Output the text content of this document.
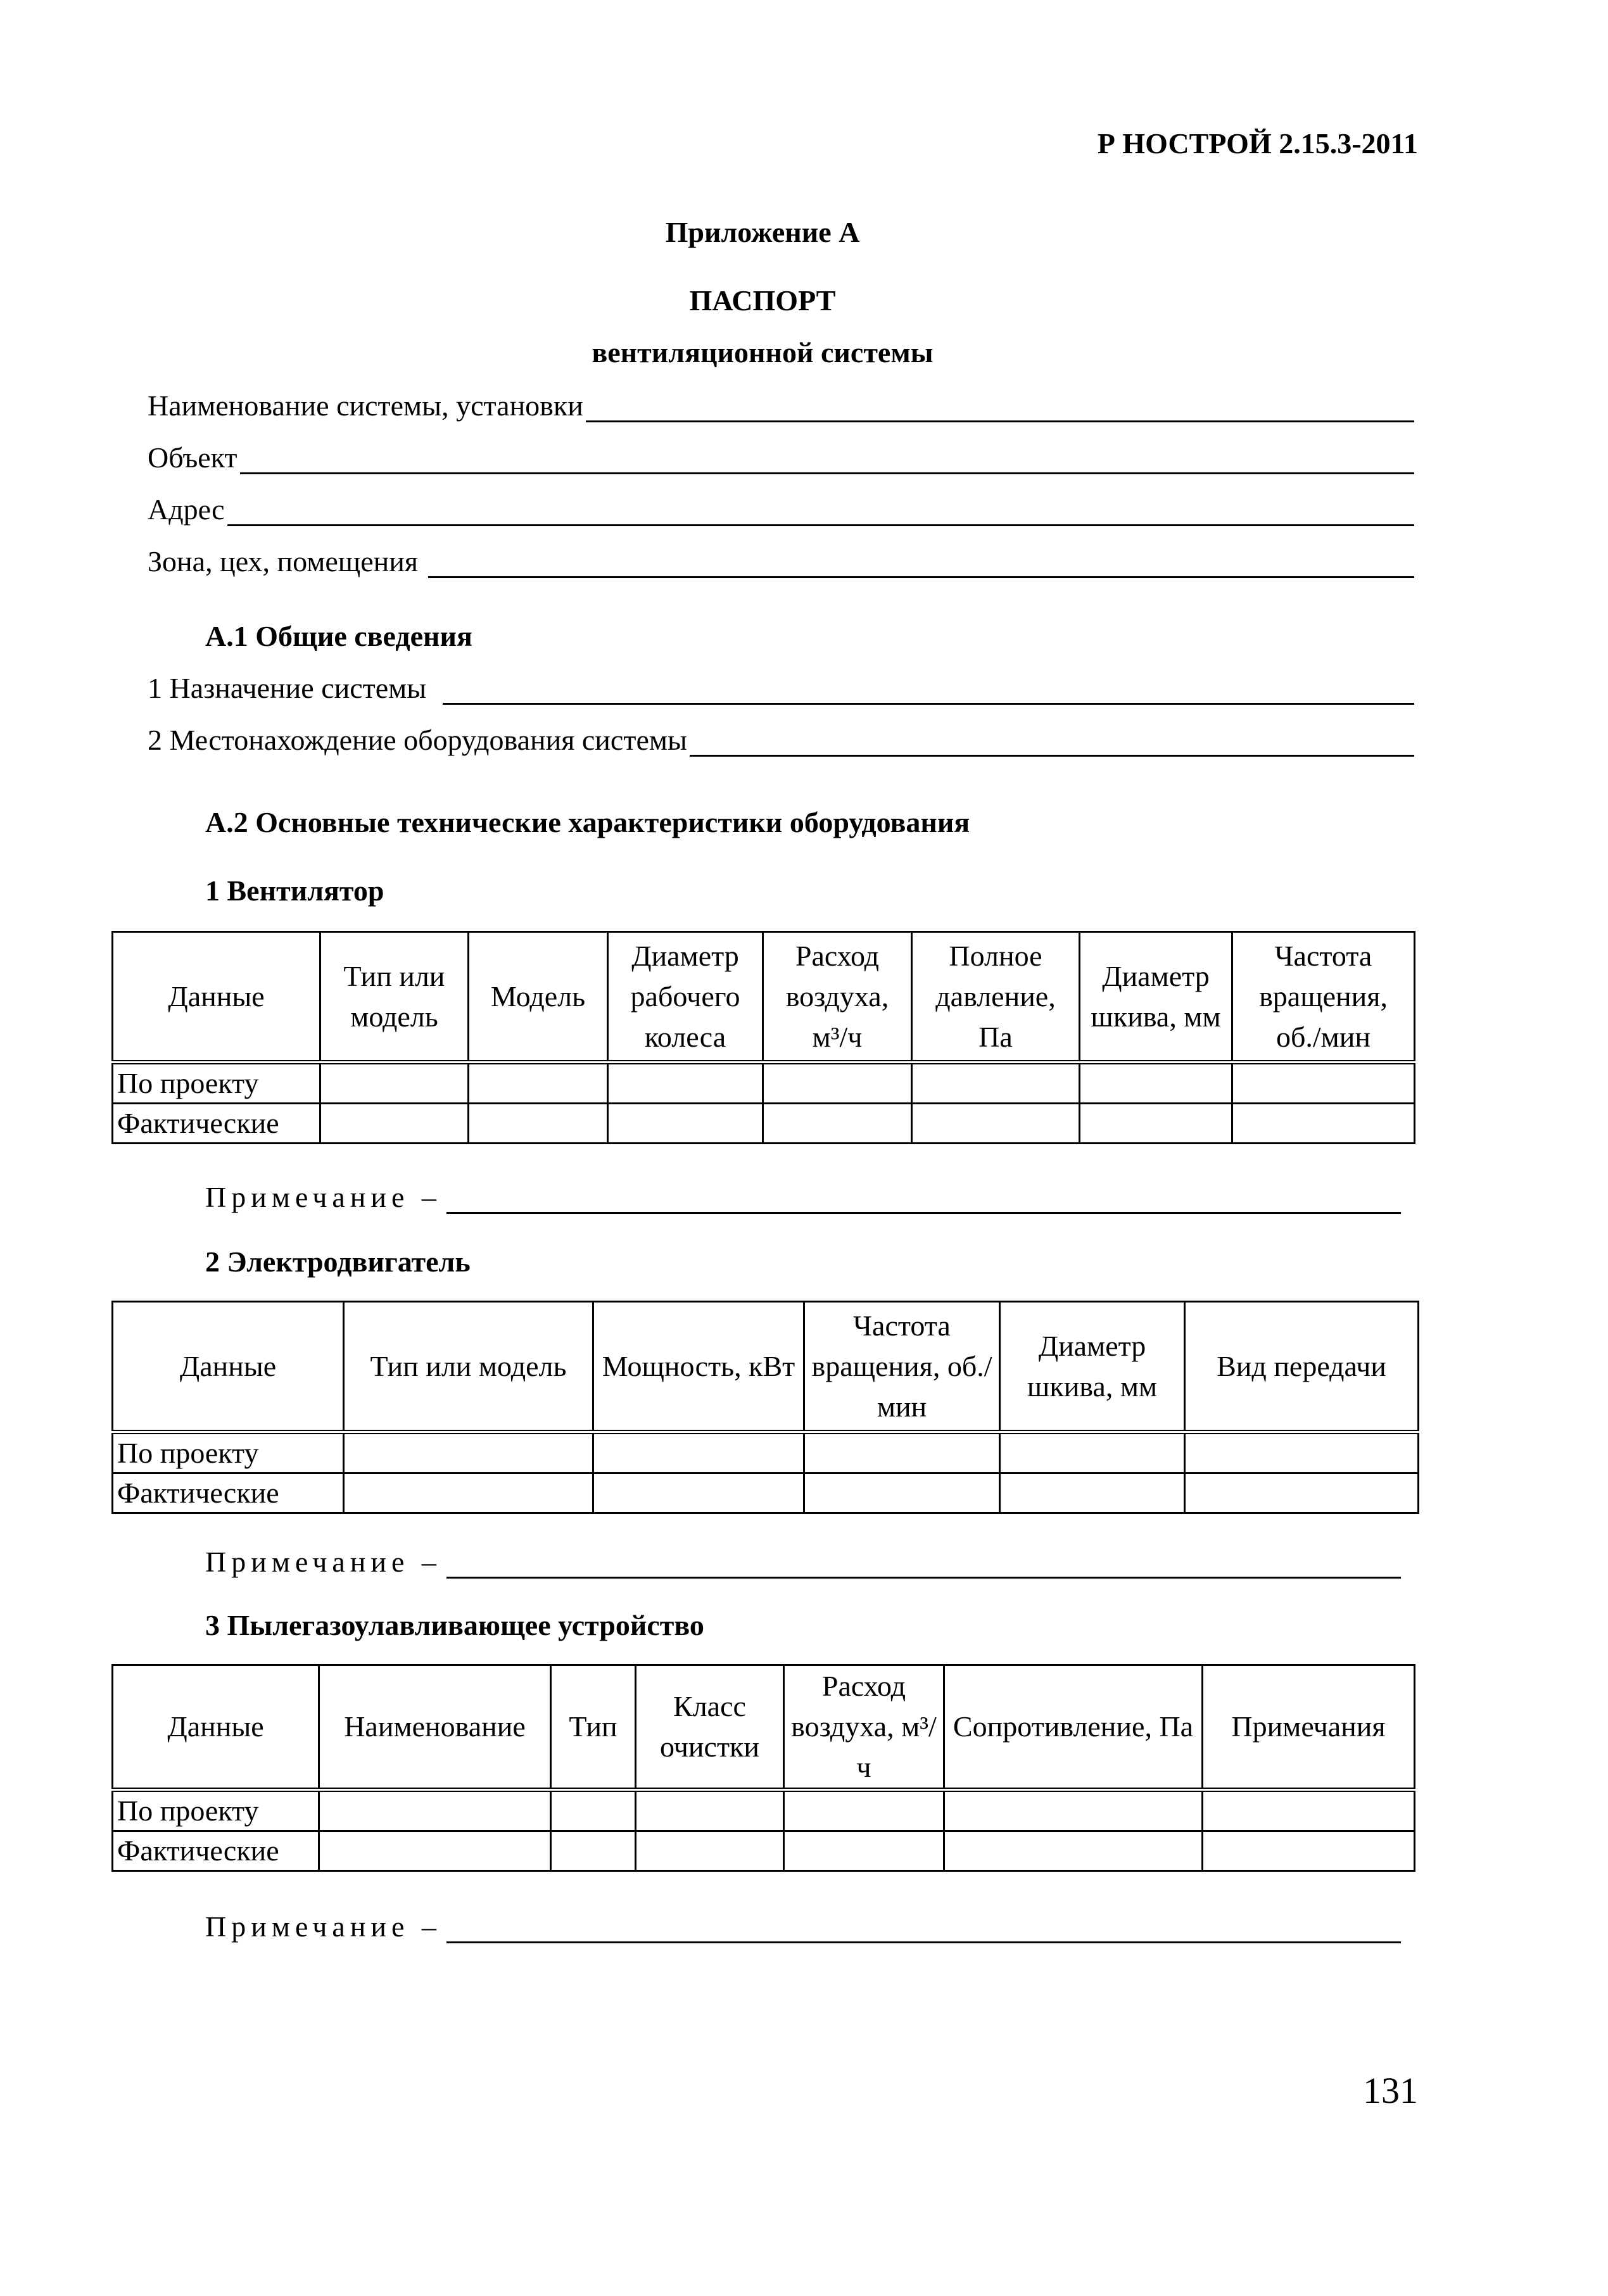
Р НОСТРОЙ 2.15.3-2011
Приложение А
ПАСПОРТ
вентиляционной системы
Наименование системы, установки
Объект
Адрес
Зона, цех, помещения
А.1 Общие сведения
1 Назначение системы
2 Местонахождение оборудования системы
А.2 Основные технические характеристики оборудования
1 Вентилятор
Данные	Тип или модель	Модель	Диаметр рабочего колеса	Расход воздуха, м³/ч	Полное давление, Па	Диаметр шкива, мм	Частота вращения, об./мин
По проекту							
Фактические							
Примечание –
2 Электродвигатель
Данные	Тип или модель	Мощность, кВт	Частота вращения, об./мин	Диаметр шкива, мм	Вид передачи
По проекту					
Фактические					
Примечание –
3 Пылегазоулавливающее устройство
Данные	Наименование	Тип	Класс очистки	Расход воздуха, м³/ч	Сопротивление, Па	Примечания
По проекту						
Фактические						
Примечание –
131
